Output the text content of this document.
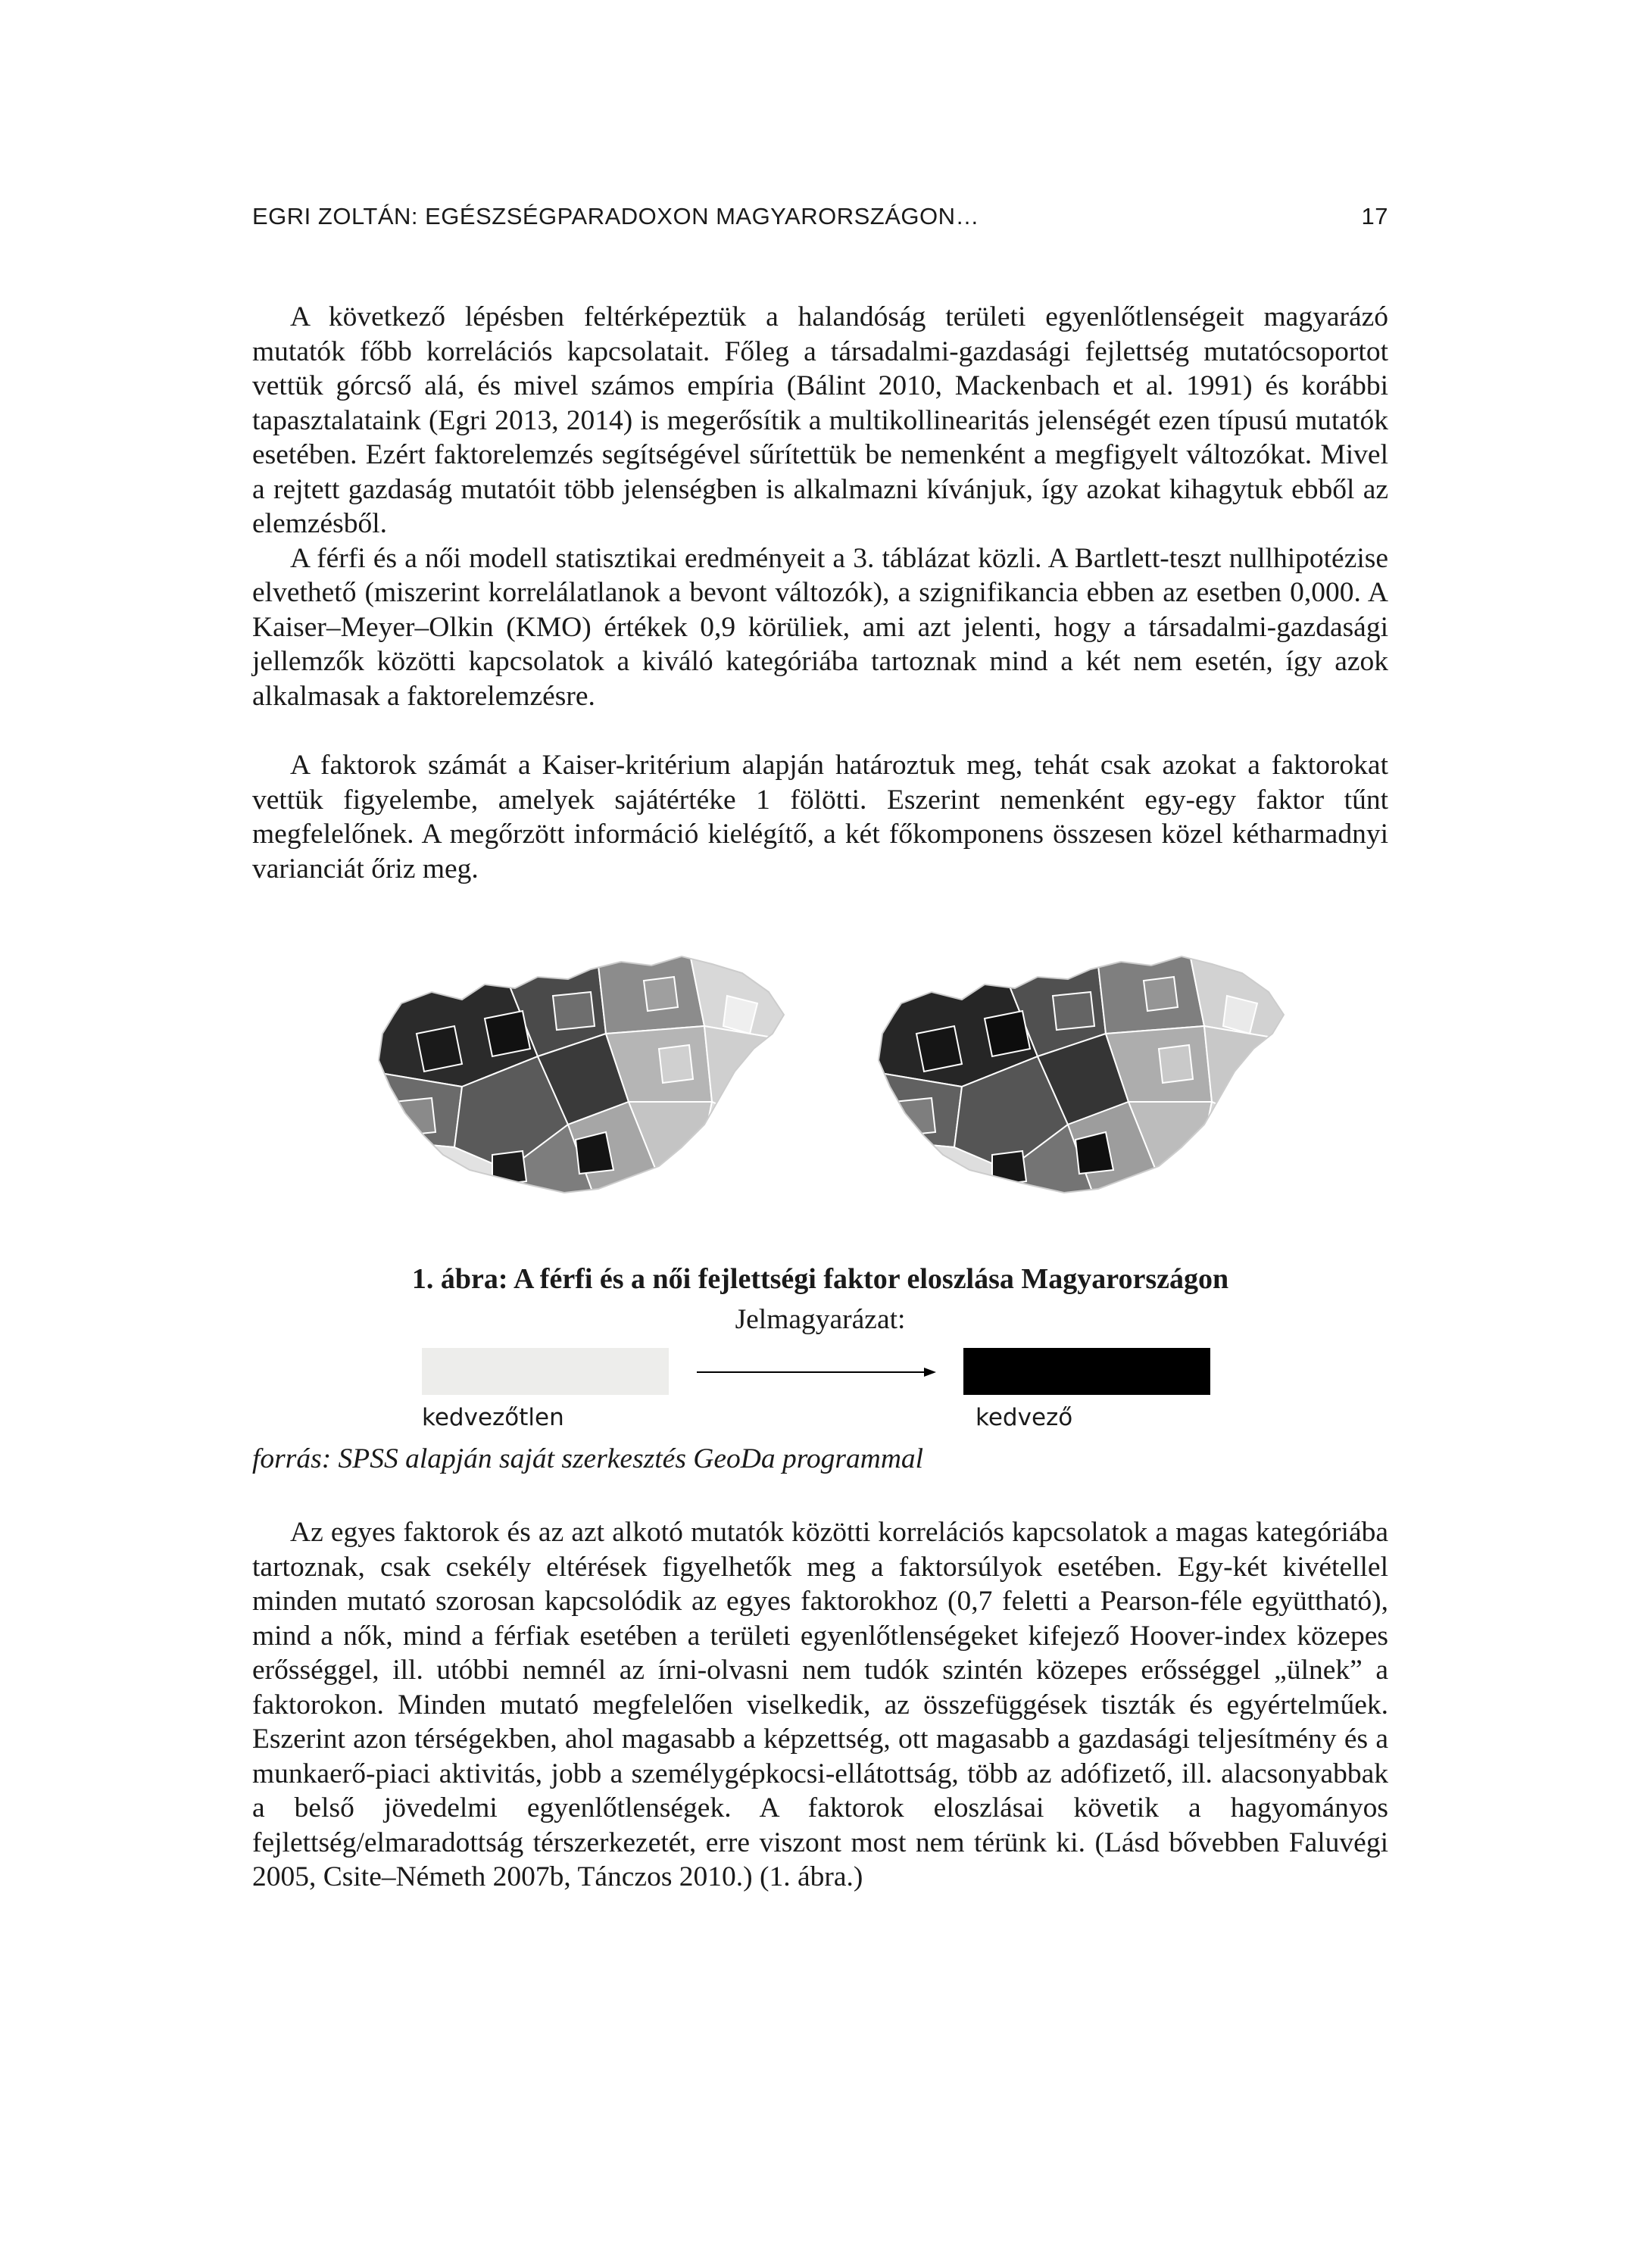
EGRI ZOLTÁN: EGÉSZSÉGPARADOXON MAGYARORSZÁGON…	17

A következő lépésben feltérképeztük a halandóság területi egyenlőtlenségeit magyarázó mutatók főbb korrelációs kapcsolatait. Főleg a társadalmi-gazdasági fejlettség mutatócsoportot vettük górcső alá, és mivel számos empíria (Bálint 2010, Mackenbach et al. 1991) és korábbi tapasztalataink (Egri 2013, 2014) is megerősítik a multikollinearitás jelenségét ezen típusú mutatók esetében. Ezért faktorelemzés segítségével sűrítettük be nemenként a megfigyelt változókat. Mivel a rejtett gazdaság mutatóit több jelenségben is alkalmazni kívánjuk, így azokat kihagytuk ebből az elemzésből.

A férfi és a női modell statisztikai eredményeit a 3. táblázat közli. A Bartlett-teszt nullhipotézise elvethető (miszerint korrelálatlanok a bevont változók), a szignifikancia ebben az esetben 0,000. A Kaiser–Meyer–Olkin (KMO) értékek 0,9 körüliek, ami azt jelenti, hogy a társadalmi-gazdasági jellemzők közötti kapcsolatok a kiváló kategóriába tartoznak mind a két nem esetén, így azok alkalmasak a faktorelemzésre.

A faktorok számát a Kaiser-kritérium alapján határoztuk meg, tehát csak azokat a faktorokat vettük figyelembe, amelyek sajátértéke 1 fölötti. Eszerint nemenként egy-egy faktor tűnt megfelelőnek. A megőrzött információ kielégítő, a két főkomponens összesen közel kétharmadnyi varianciát őriz meg.

1. ábra: A férfi és a női fejlettségi faktor eloszlása Magyarországon
Jelmagyarázat:
kedvezőtlen	kedvező
forrás: SPSS alapján saját szerkesztés GeoDa programmal

Az egyes faktorok és az azt alkotó mutatók közötti korrelációs kapcsolatok a magas kategóriába tartoznak, csak csekély eltérések figyelhetők meg a faktorsúlyok esetében. Egy-két kivétellel minden mutató szorosan kapcsolódik az egyes faktorokhoz (0,7 feletti a Pearson-féle együttható), mind a nők, mind a férfiak esetében a területi egyenlőtlenségeket kifejező Hoover-index közepes erősséggel, ill. utóbbi nemnél az írni-olvasni nem tudók szintén közepes erősséggel „ülnek” a faktorokon. Minden mutató megfelelően viselkedik, az összefüggések tiszták és egyértelműek. Eszerint azon térségekben, ahol magasabb a képzettség, ott magasabb a gazdasági teljesítmény és a munkaerő-piaci aktivitás, jobb a személygépkocsi-ellátottság, több az adófizető, ill. alacsonyabbak a belső jövedelmi egyenlőtlenségek. A faktorok eloszlásai követik a hagyományos fejlettség/elmaradottság térszerkezetét, erre viszont most nem térünk ki. (Lásd bővebben Faluvégi 2005, Csite–Németh 2007b, Tánczos 2010.) (1. ábra.)
